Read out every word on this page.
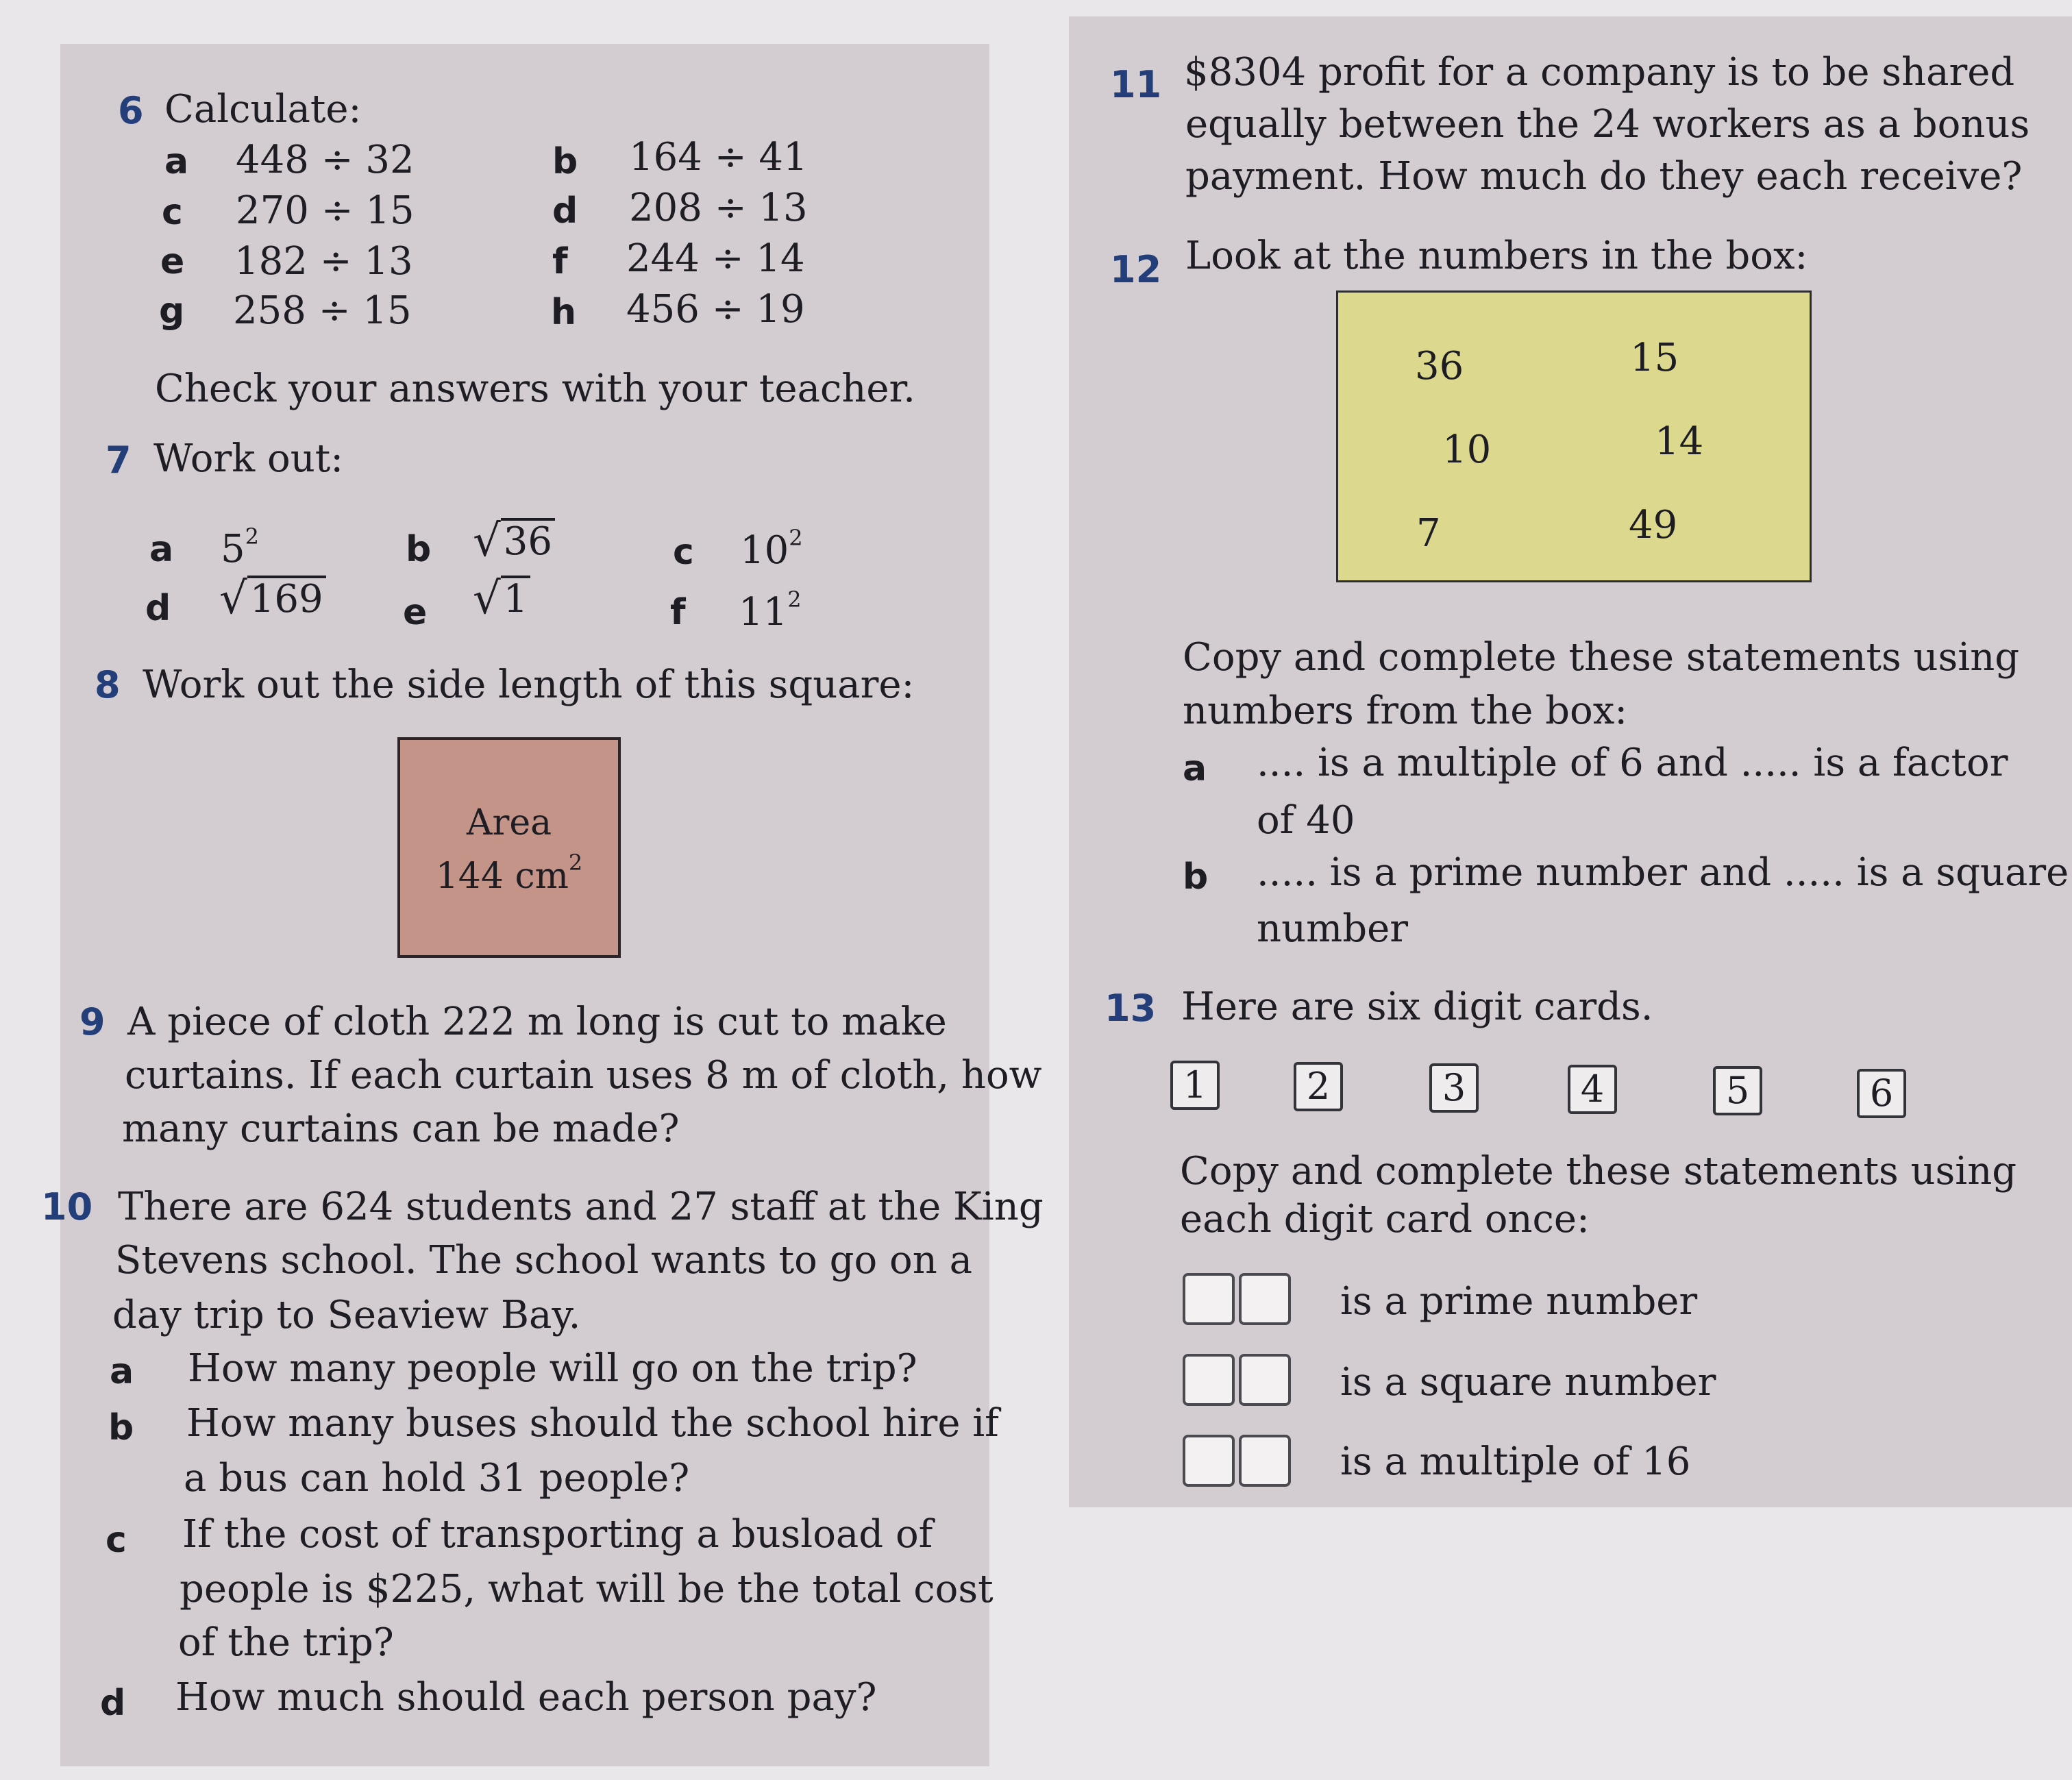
6 Calculate:
a 448 ÷ 32	b 164 ÷ 41
c 270 ÷ 15	d 208 ÷ 13
e 182 ÷ 13	f 244 ÷ 14
g 258 ÷ 15	h 456 ÷ 19
Check your answers with your teacher.
7 Work out:
a $5^2$	b √ 36	c $10^2$
d √ 169 e √ 1	f $11^2$
8 Work out the side length of this square:
Area
144 $cm^2$
9 A piece of cloth 222 m long is cut to make
curtains. If each curtain uses 8 m of cloth, how
many curtains can be made?
10 There are 624 students and 27 staff at the King
Stevens school. The school wants to go on a
day trip to Seaview Bay.
a How many people will go on the trip?
b How many buses should the school hire if
a bus can hold 31 people?
c If the cost of transporting a busload of
people is $225, what will be the total cost
of the trip?
d How much should each person pay?
11 $8304 profit for a company is to be shared
equally between the 24 workers as a bonus
payment. How much do they each receive?
12 Look at the numbers in the box:
36	15
10	14
7	49
Copy and complete these statements using
numbers from the box:
a .... is a multiple of 6 and ..... is a factor
of 40
b ..... is a prime number and ..... is a square
number
13 Here are six digit cards.
1	2	3	4	5	6
Copy and complete these statements using
each digit card once:
is a prime number
is a square number
is a multiple of 16
